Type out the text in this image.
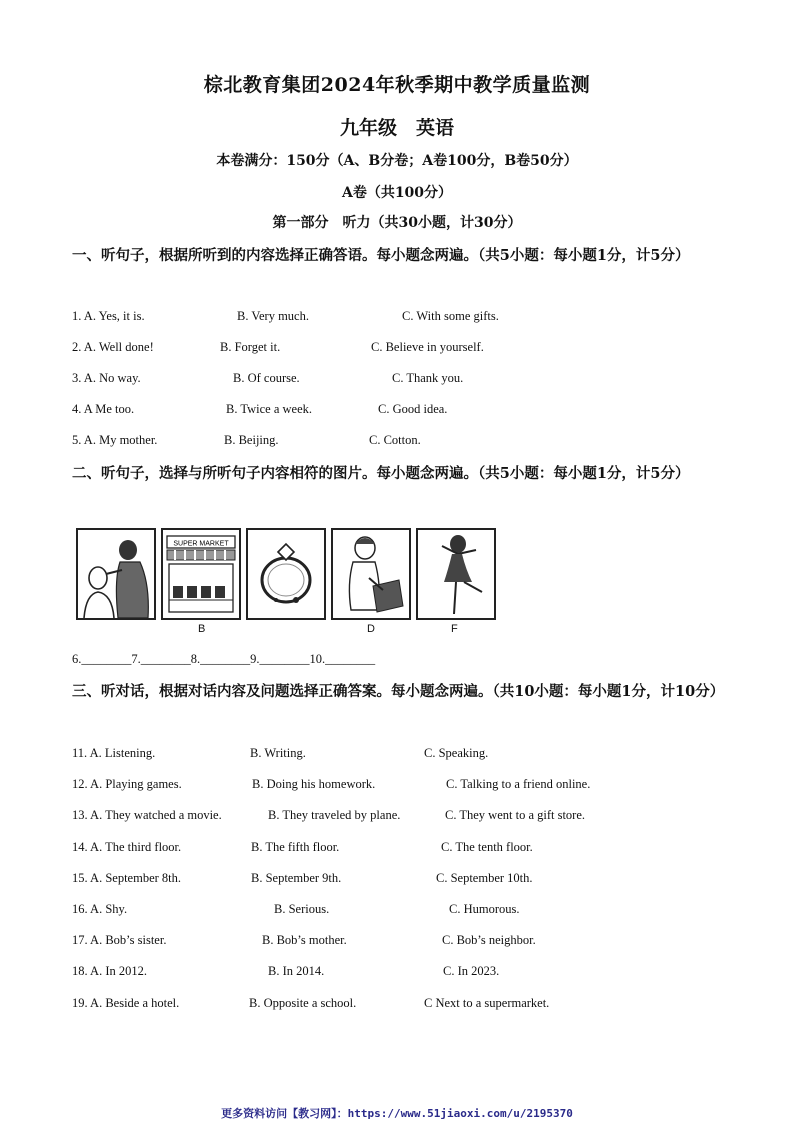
棕北教育集团2024年秋季期中教学质量监测
九年级　英语
本卷满分：150分（A、B分卷；A卷100分，B卷50分）
A卷（共100分）
第一部分　听力（共30小题，计30分）
一、听句子，根据所听到的内容选择正确答语。每小题念两遍。（共5小题：每小题1分，计5分）
1. A. Yes, it is.	B. Very much.	C. With some gifts.
2. A. Well done!	B. Forget it.	C. Believe in yourself.
3. A. No way.	B. Of course.	C. Thank you.
4. A Me too.	B. Twice a week.	C. Good idea.
5. A. My mother.	B. Beijing.	C. Cotton.
二、听句子，选择与所听句子内容相符的图片。每小题念两遍。（共5小题：每小题1分，计5分）
SUPER MARKET
B	D	F
6.________7.________8.________9.________10.________
三、听对话，根据对话内容及问题选择正确答案。每小题念两遍。（共10小题：每小题1分，计10分）
11. A. Listening.	B. Writing.	C. Speaking.
12. A. Playing games.	B. Doing his homework.	C. Talking to a friend online.
13. A. They watched a movie.	B. They traveled by plane.	C. They went to a gift store.
14. A. The third floor.	B. The fifth floor.	C. The tenth floor.
15. A. September 8th.	B. September 9th.	C. September 10th.
16. A. Shy.	B. Serious.	C. Humorous.
17. A. Bob’s sister.	B. Bob’s mother.	C. Bob’s neighbor.
18. A. In 2012.	B. In 2014.	C. In 2023.
19. A. Beside a hotel.	B. Opposite a school.	C Next to a supermarket.
更多资料访问【教习网】：https://www.51jiaoxi.com/u/2195370
